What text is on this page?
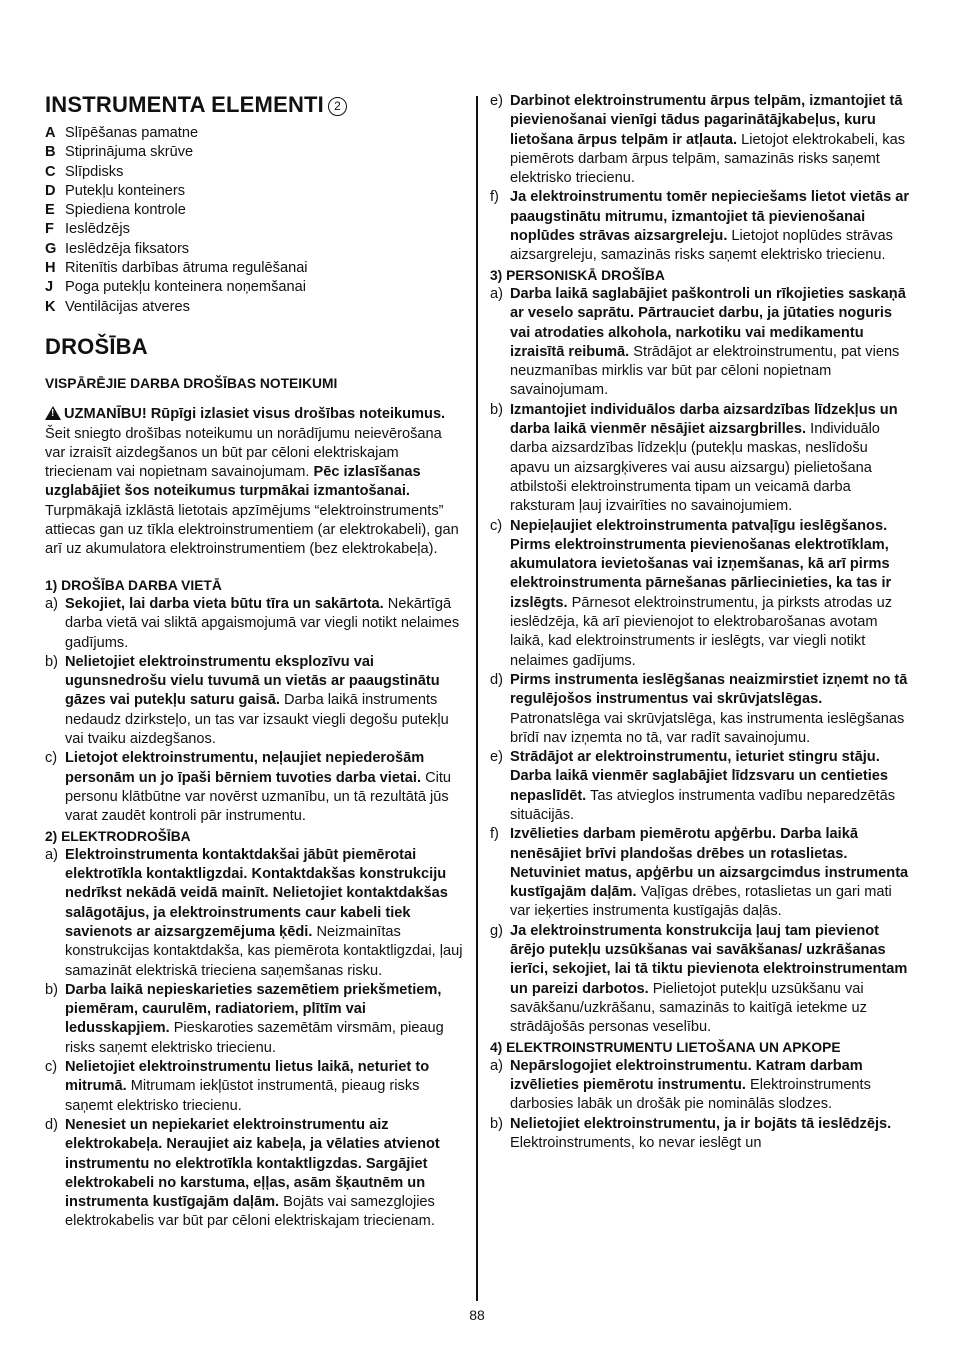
INSTRUMENTA ELEMENTI 2
A Slīpēšanas pamatne
B Stiprinājuma skrūve
C Slīpdisks
D Putekļu konteiners
E Spiediena kontrole
F Ieslēdzējs
G Ieslēdzēja fiksators
H Ritenītis darbības ātruma regulēšanai
J Poga putekļu konteinera noņemšanai
K Ventilācijas atveres
DROŠĪBA

VISPĀRĒJIE DARBA DROŠĪBAS NOTEIKUMI

!UZMANĪBU! Rūpīgi izlasiet visus drošības noteikumus. Šeit sniegto drošības noteikumu un norādījumu neievērošana var izraisīt aizdegšanos un būt par cēloni elektriskajam triecienam vai nopietnam savainojumam. Pēc izlasīšanas uzglabājiet šos noteikumus turpmākai izmantošanai. Turpmākajā izklāstā lietotais apzīmējums “elektroinstruments” attiecas gan uz tīkla elektroinstrumentiem (ar elektrokabeli), gan arī uz akumulatora elektroinstrumentiem (bez elektrokabeļa).

1) DROŠĪBA DARBA VIETĀ

a) Sekojiet, lai darba vieta būtu tīra un sakārtota. Nekārtīgā darba vietā vai sliktā apgaismojumā var viegli notikt nelaimes gadījums.
b) Nelietojiet elektroinstrumentu eksplozīvu vai ugunsnedrošu vielu tuvumā un vietās ar paaugstinātu gāzes vai putekļu saturu gaisā. Darba laikā instruments nedaudz dzirksteļo, un tas var izsaukt viegli degošu putekļu vai tvaiku aizdegšanos.
c) Lietojot elektroinstrumentu, neļaujiet nepiederošām personām un jo īpaši bērniem tuvoties darba vietai. Citu personu klātbūtne var novērst uzmanību, un tā rezultātā jūs varat zaudēt kontroli pār instrumentu.

2) ELEKTRODROŠĪBA

a) Elektroinstrumenta kontaktdakšai jābūt piemērotai elektrotīkla kontaktligzdai. Kontaktdakšas konstrukciju nedrīkst nekādā veidā mainīt. Nelietojiet kontaktdakšas salāgotājus, ja elektroinstruments caur kabeli tiek savienots ar aizsargzemējuma ķēdi. Neizmainītas konstrukcijas kontaktdakša, kas piemērota kontaktligzdai, ļauj samazināt elektriskā trieciena saņemšanas risku.
b) Darba laikā nepieskarieties sazemētiem priekšmetiem, piemēram, caurulēm, radiatoriem, plītīm vai ledusskapjiem. Pieskaroties sazemētām virsmām, pieaug risks saņemt elektrisko triecienu.
c) Nelietojiet elektroinstrumentu lietus laikā, neturiet to mitrumā. Mitrumam iekļūstot instrumentā, pieaug risks saņemt elektrisko triecienu.
d) Nenesiet un nepiekariet elektroinstrumentu aiz elektrokabeļa. Neraujiet aiz kabeļa, ja vēlaties atvienot instrumentu no elektrotīkla kontaktligzdas. Sargājiet elektrokabeli no karstuma, eļļas, asām šķautnēm un instrumenta kustīgajām daļām. Bojāts vai samezglojies elektrokabelis var būt par cēloni elektriskajam triecienam.
e) Darbinot elektroinstrumentu ārpus telpām, izmantojiet tā pievienošanai vienīgi tādus pagarinātājkabeļus, kuru lietošana ārpus telpām ir atļauta. Lietojot elektrokabeli, kas piemērots darbam ārpus telpām, samazinās risks saņemt elektrisko triecienu.
f) Ja elektroinstrumentu tomēr nepieciešams lietot vietās ar paaugstinātu mitrumu, izmantojiet tā pievienošanai noplūdes strāvas aizsargreleju. Lietojot noplūdes strāvas aizsargreleju, samazinās risks saņemt elektrisko triecienu.

3) PERSONISKĀ DROŠĪBA

a) Darba laikā saglabājiet paškontroli un rīkojieties saskaņā ar veselo saprātu. Pārtrauciet darbu, ja jūtaties noguris vai atrodaties alkohola, narkotiku vai medikamentu izraisītā reibumā. Strādājot ar elektroinstrumentu, pat viens neuzmanības mirklis var būt par cēloni nopietnam savainojumam.
b) Izmantojiet individuālos darba aizsardzības līdzekļus un darba laikā vienmēr nēsājiet aizsargbrilles. Individuālo darba aizsardzības līdzekļu (putekļu maskas, neslīdošu apavu un aizsargķiveres vai ausu aizsargu) pielietošana atbilstoši elektroinstrumenta tipam un veicamā darba raksturam ļauj izvairīties no savainojumiem.
c) Nepieļaujiet elektroinstrumenta patvaļīgu ieslēgšanos. Pirms elektroinstrumenta pievienošanas elektrotīklam, akumulatora ievietošanas vai izņemšanas, kā arī pirms elektroinstrumenta pārnešanas pārliecinieties, ka tas ir izslēgts. Pārnesot elektroinstrumentu, ja pirksts atrodas uz ieslēdzēja, kā arī pievienojot to elektrobarošanas avotam laikā, kad elektroinstruments ir ieslēgts, var viegli notikt nelaimes gadījums.
d) Pirms instrumenta ieslēgšanas neaizmirstiet izņemt no tā regulējošos instrumentus vai skrūvjatslēgas. Patronatslēga vai skrūvjatslēga, kas instrumenta ieslēgšanas brīdī nav izņemta no tā, var radīt savainojumu.
e) Strādājot ar elektroinstrumentu, ieturiet stingru stāju. Darba laikā vienmēr saglabājiet līdzsvaru un centieties nepaslīdēt. Tas atvieglos instrumenta vadību neparedzētās situācijās.
f) Izvēlieties darbam piemērotu apģērbu. Darba laikā nenēsājiet brīvi plandošas drēbes un rotaslietas. Netuviniet matus, apģērbu un aizsargcimdus instrumenta kustīgajām daļām. Vaļīgas drēbes, rotaslietas un gari mati var ieķerties instrumenta kustīgajās daļās.
g) Ja elektroinstrumenta konstrukcija ļauj tam pievienot ārējo putekļu uzsūkšanas vai savākšanas/ uzkrāšanas ierīci, sekojiet, lai tā tiktu pievienota elektroinstrumentam un pareizi darbotos. Pielietojot putekļu uzsūkšanu vai savākšanu/uzkrāšanu, samazinās to kaitīgā ietekme uz strādājošās personas veselību.

4) ELEKTROINSTRUMENTU LIETOŠANA UN APKOPE

a) Nepārslogojiet elektroinstrumentu. Katram darbam izvēlieties piemērotu instrumentu. Elektroinstruments darbosies labāk un drošāk pie nominālās slodzes.
b) Nelietojiet elektroinstrumentu, ja ir bojāts tā ieslēdzējs. Elektroinstruments, ko nevar ieslēgt un
88
